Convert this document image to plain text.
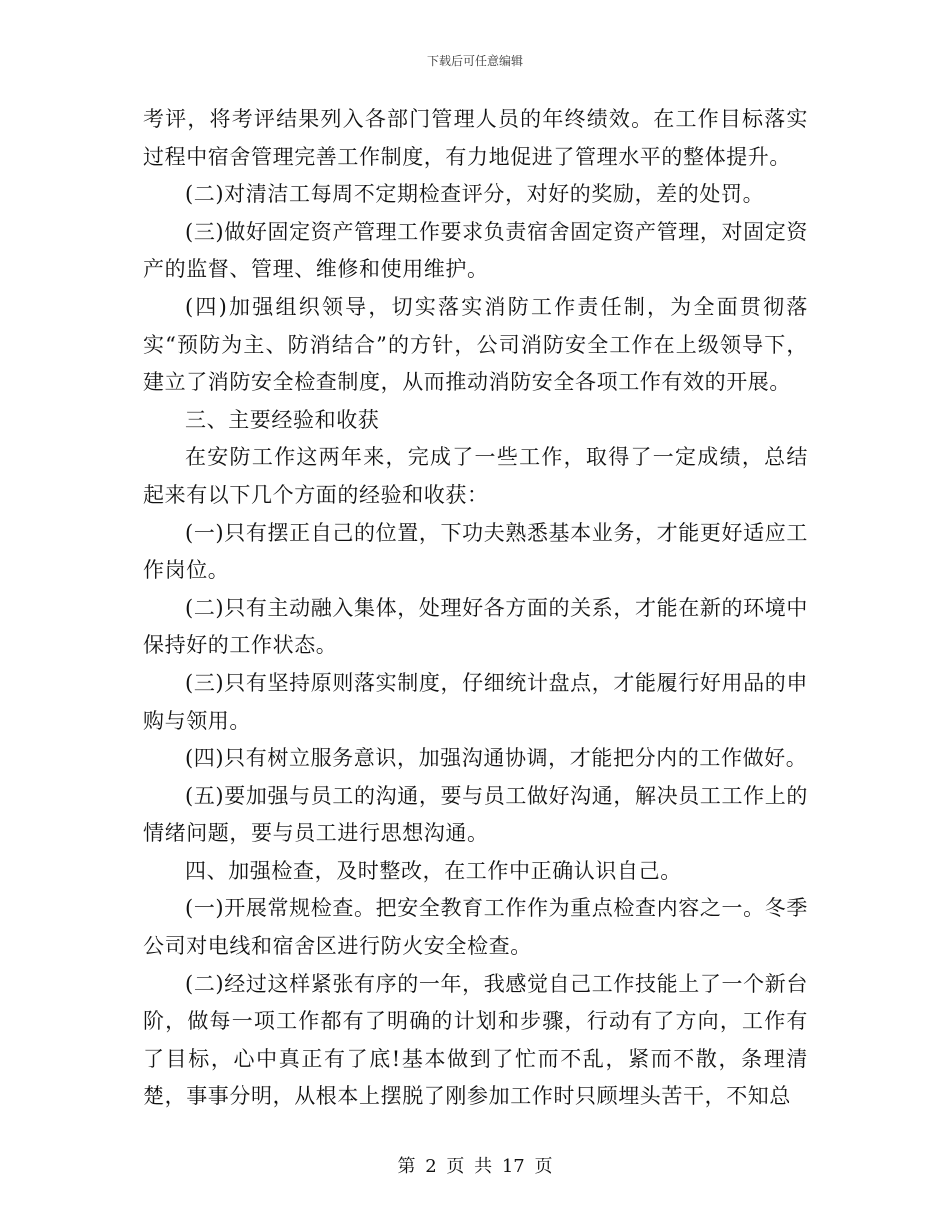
下载后可任意编辑

考评，将考评结果列入各部门管理人员的年终绩效。在工作目标落实过程中宿舍管理完善工作制度，有力地促进了管理水平的整体提升。

(二)对清洁工每周不定期检查评分，对好的奖励，差的处罚。

(三)做好固定资产管理工作要求负责宿舍固定资产管理，对固定资产的监督、管理、维修和使用维护。

(四)加强组织领导，切实落实消防工作责任制，为全面贯彻落实“预防为主、防消结合”的方针，公司消防安全工作在上级领导下，建立了消防安全检查制度，从而推动消防安全各项工作有效的开展。

三、主要经验和收获

在安防工作这两年来，完成了一些工作，取得了一定成绩，总结起来有以下几个方面的经验和收获：

(一)只有摆正自己的位置，下功夫熟悉基本业务，才能更好适应工作岗位。

(二)只有主动融入集体，处理好各方面的关系，才能在新的环境中保持好的工作状态。

(三)只有坚持原则落实制度，仔细统计盘点，才能履行好用品的申购与领用。

(四)只有树立服务意识，加强沟通协调，才能把分内的工作做好。

(五)要加强与员工的沟通，要与员工做好沟通，解决员工工作上的情绪问题，要与员工进行思想沟通。

四、加强检查，及时整改，在工作中正确认识自己。

(一)开展常规检查。把安全教育工作作为重点检查内容之一。冬季公司对电线和宿舍区进行防火安全检查。

(二)经过这样紧张有序的一年，我感觉自己工作技能上了一个新台阶，做每一项工作都有了明确的计划和步骤，行动有了方向，工作有了目标，心中真正有了底!基本做到了忙而不乱，紧而不散，条理清楚，事事分明，从根本上摆脱了刚参加工作时只顾埋头苦干，不知总

第 2 页 共 17 页
